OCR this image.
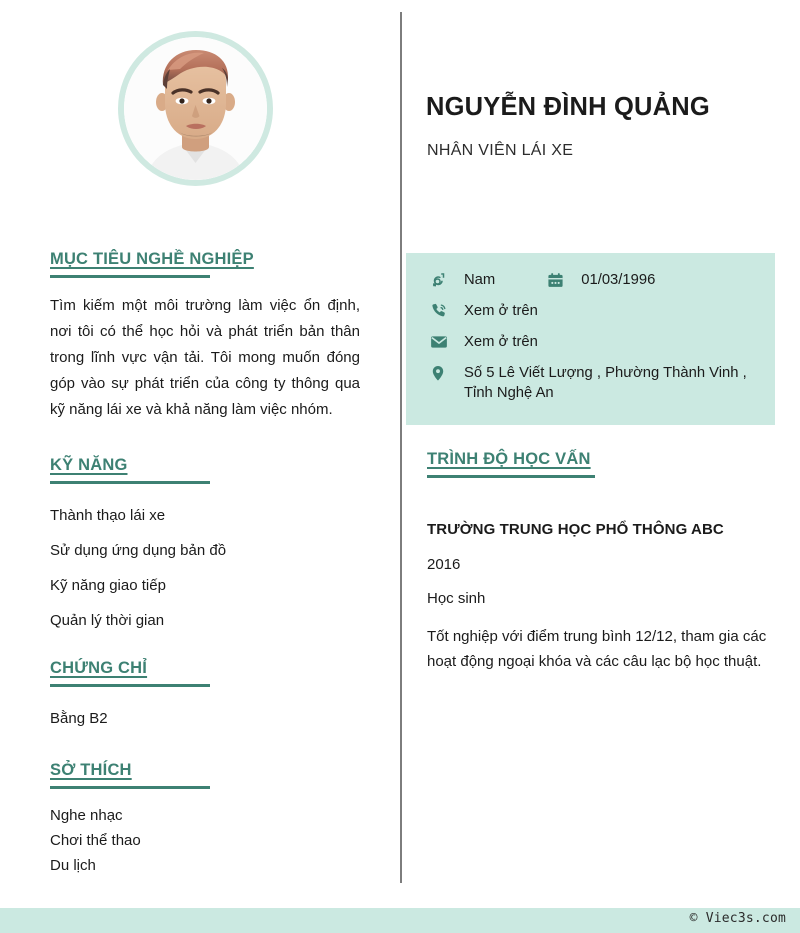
MỤC TIÊU NGHỀ NGHIỆP
Tìm kiếm một môi trường làm việc ổn định, nơi tôi có thể học hỏi và phát triển bản thân trong lĩnh vực vận tải. Tôi mong muốn đóng góp vào sự phát triển của công ty thông qua kỹ năng lái xe và khả năng làm việc nhóm.
KỸ NĂNG
Thành thạo lái xe
Sử dụng ứng dụng bản đồ
Kỹ năng giao tiếp
Quản lý thời gian
CHỨNG CHỈ
Bằng B2
SỞ THÍCH
Nghe nhạc
Chơi thể thao
Du lịch
NGUYỄN ĐÌNH QUẢNG
NHÂN VIÊN LÁI XE
Nam	01/03/1996
Xem ở trên
Xem ở trên
Số 5 Lê Viết Lượng , Phường Thành Vinh , Tỉnh Nghệ An
TRÌNH ĐỘ HỌC VẤN
TRƯỜNG TRUNG HỌC PHỔ THÔNG ABC
2016
Học sinh
Tốt nghiệp với điểm trung bình 12/12, tham gia các hoạt động ngoại khóa và các câu lạc bộ học thuật.
© Viec3s.com
